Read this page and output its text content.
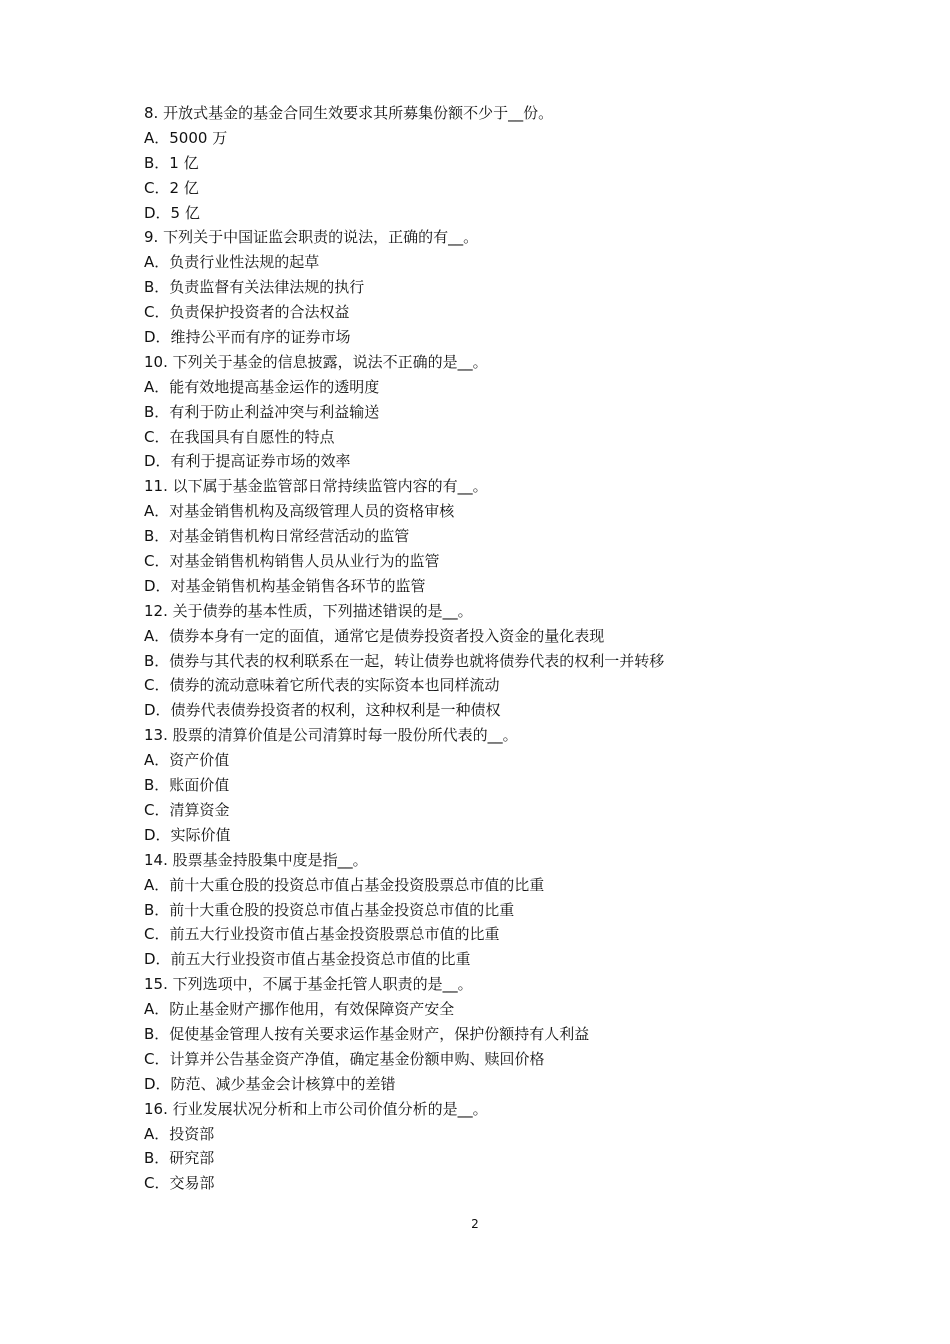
8. 开放式基金的基金合同生效要求其所募集份额不少于__份。
A．5000 万
B．1 亿
C．2 亿
D．5 亿
9. 下列关于中国证监会职责的说法，正确的有__。
A．负责行业性法规的起草
B．负责监督有关法律法规的执行
C．负责保护投资者的合法权益
D．维持公平而有序的证券市场
10. 下列关于基金的信息披露，说法不正确的是__。
A．能有效地提高基金运作的透明度
B．有利于防止利益冲突与利益输送
C．在我国具有自愿性的特点
D．有利于提高证券市场的效率
11. 以下属于基金监管部日常持续监管内容的有__。
A．对基金销售机构及高级管理人员的资格审核
B．对基金销售机构日常经营活动的监管
C．对基金销售机构销售人员从业行为的监管
D．对基金销售机构基金销售各环节的监管
12. 关于债券的基本性质，下列描述错误的是__。
A．债券本身有一定的面值，通常它是债券投资者投入资金的量化表现
B．债券与其代表的权利联系在一起，转让债券也就将债券代表的权利一并转移
C．债券的流动意味着它所代表的实际资本也同样流动
D．债券代表债券投资者的权利，这种权利是一种债权
13. 股票的清算价值是公司清算时每一股份所代表的__。
A．资产价值
B．账面价值
C．清算资金
D．实际价值
14. 股票基金持股集中度是指__。
A．前十大重仓股的投资总市值占基金投资股票总市值的比重
B．前十大重仓股的投资总市值占基金投资总市值的比重
C．前五大行业投资市值占基金投资股票总市值的比重
D．前五大行业投资市值占基金投资总市值的比重
15. 下列选项中，不属于基金托管人职责的是__。
A．防止基金财产挪作他用，有效保障资产安全
B．促使基金管理人按有关要求运作基金财产，保护份额持有人利益
C．计算并公告基金资产净值，确定基金份额申购、赎回价格
D．防范、减少基金会计核算中的差错
16. 行业发展状况分析和上市公司价值分析的是__。
A．投资部
B．研究部
C．交易部
2
